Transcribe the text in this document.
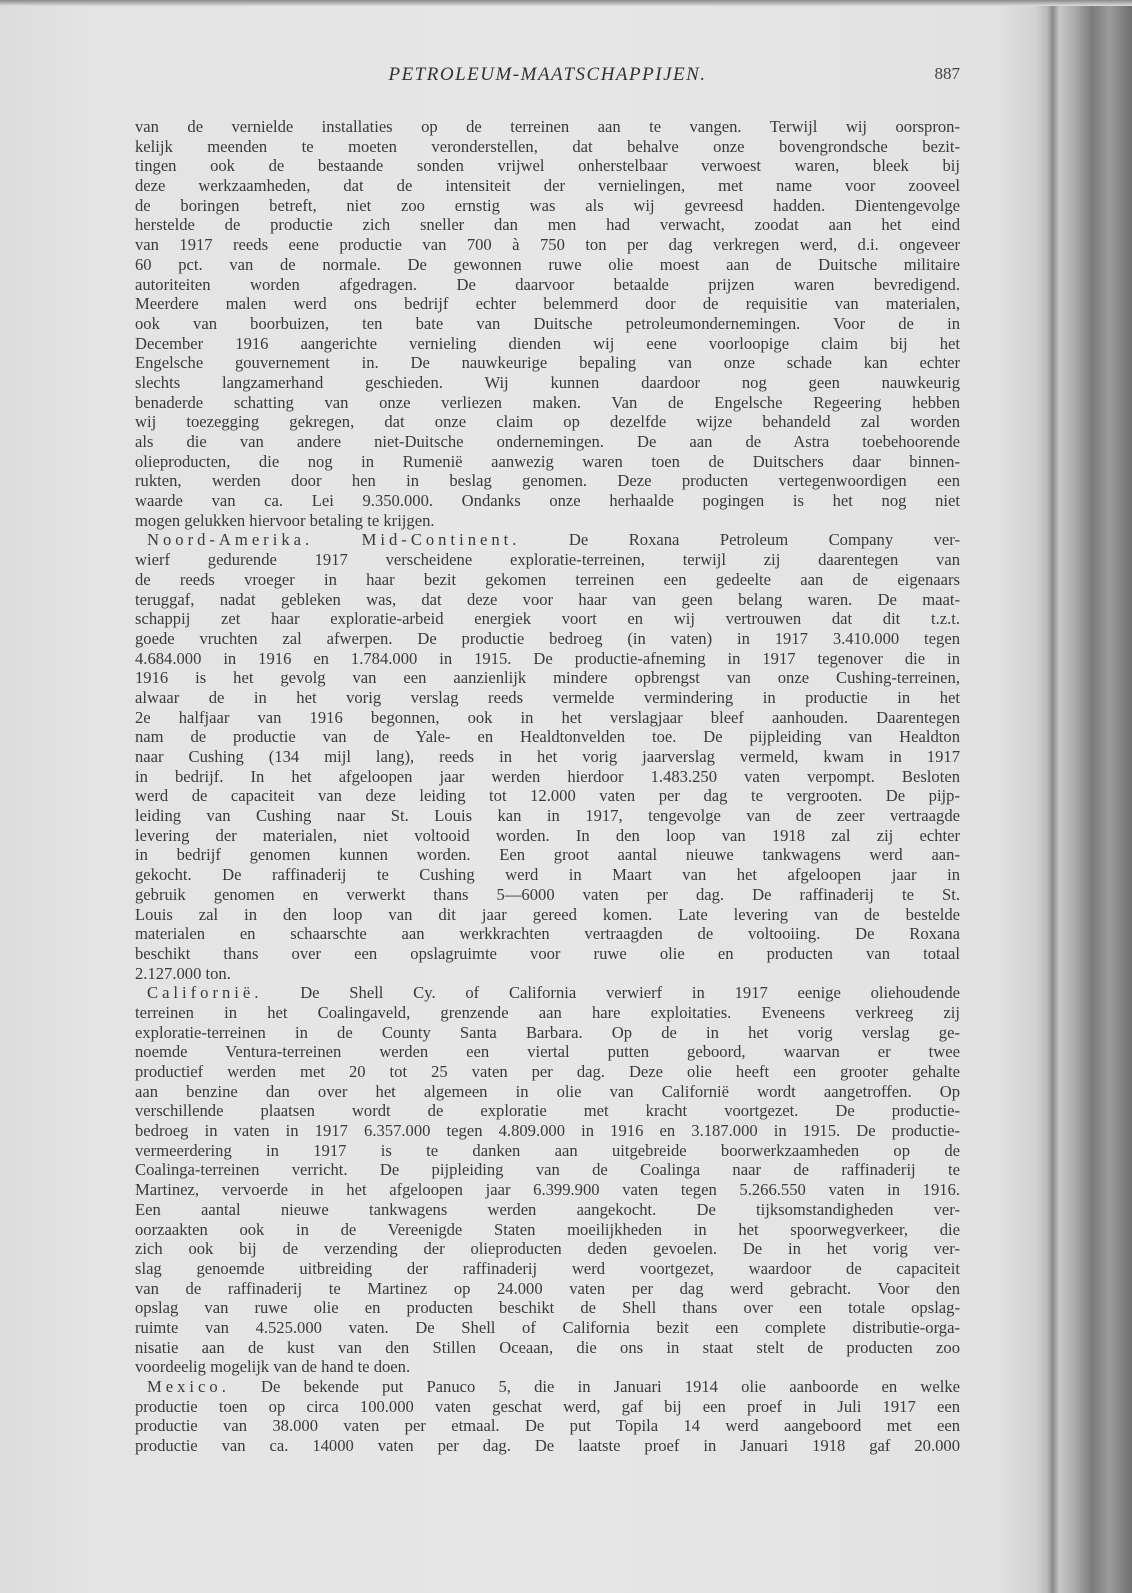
PETROLEUM-MAATSCHAPPIJEN.	887
van de vernielde installaties op de terreinen aan te vangen. Terwijl wij oorspron-
kelijk meenden te moeten veronderstellen, dat behalve onze bovengrondsche bezit-
tingen ook de bestaande sonden vrijwel onherstelbaar verwoest waren, bleek bij
deze werkzaamheden, dat de intensiteit der vernielingen, met name voor zooveel
de boringen betreft, niet zoo ernstig was als wij gevreesd hadden. Dientengevolge
herstelde de productie zich sneller dan men had verwacht, zoodat aan het eind
van 1917 reeds eene productie van 700 à 750 ton per dag verkregen werd, d.i. ongeveer
60 pct. van de normale. De gewonnen ruwe olie moest aan de Duitsche militaire
autoriteiten worden afgedragen. De daarvoor betaalde prijzen waren bevredigend.
Meerdere malen werd ons bedrijf echter belemmerd door de requisitie van materialen,
ook van boorbuizen, ten bate van Duitsche petroleumondernemingen. Voor de in
December 1916 aangerichte vernieling dienden wij eene voorloopige claim bij het
Engelsche gouvernement in. De nauwkeurige bepaling van onze schade kan echter
slechts langzamerhand geschieden. Wij kunnen daardoor nog geen nauwkeurig
benaderde schatting van onze verliezen maken. Van de Engelsche Regeering hebben
wij toezegging gekregen, dat onze claim op dezelfde wijze behandeld zal worden
als die van andere niet-Duitsche ondernemingen. De aan de Astra toebehoorende
olieproducten, die nog in Rumenië aanwezig waren toen de Duitschers daar binnen-
rukten, werden door hen in beslag genomen. Deze producten vertegenwoordigen een
waarde van ca. Lei 9.350.000. Ondanks onze herhaalde pogingen is het nog niet
mogen gelukken hiervoor betaling te krijgen.
Noord-Amerika.	Mid-Continent.	De Roxana Petroleum Company ver-
wierf gedurende 1917 verscheidene exploratie-terreinen, terwijl zij daarentegen van
de reeds vroeger in haar bezit gekomen terreinen een gedeelte aan de eigenaars
teruggaf, nadat gebleken was, dat deze voor haar van geen belang waren. De maat-
schappij zet haar exploratie-arbeid energiek voort en wij vertrouwen dat dit t.z.t.
goede vruchten zal afwerpen. De productie bedroeg (in vaten) in 1917 3.410.000 tegen
4.684.000 in 1916 en 1.784.000 in 1915. De productie-afneming in 1917 tegenover die in
1916 is het gevolg van een aanzienlijk mindere opbrengst van onze Cushing-terreinen,
alwaar de in het vorig verslag reeds vermelde vermindering in productie in het
2e halfjaar van 1916 begonnen, ook in het verslagjaar bleef aanhouden. Daarentegen
nam de productie van de Yale- en Healdtonvelden toe. De pijpleiding van Healdton
naar Cushing (134 mijl lang), reeds in het vorig jaarverslag vermeld, kwam in 1917
in bedrijf. In het afgeloopen jaar werden hierdoor 1.483.250 vaten verpompt. Besloten
werd de capaciteit van deze leiding tot 12.000 vaten per dag te vergrooten. De pijp-
leiding van Cushing naar St. Louis kan in 1917, tengevolge van de zeer vertraagde
levering der materialen, niet voltooid worden. In den loop van 1918 zal zij echter
in bedrijf genomen kunnen worden. Een groot aantal nieuwe tankwagens werd aan-
gekocht. De raffinaderij te Cushing werd in Maart van het afgeloopen jaar in
gebruik genomen en verwerkt thans 5—6000 vaten per dag. De raffinaderij te St.
Louis zal in den loop van dit jaar gereed komen. Late levering van de bestelde
materialen en schaarschte aan werkkrachten vertraagden de voltooiing. De Roxana
beschikt thans over een opslagruimte voor ruwe olie en producten van totaal
2.127.000 ton.
Californië. De Shell Cy. of California verwierf in 1917 eenige oliehoudende
terreinen in het Coalingaveld, grenzende aan hare exploitaties. Eveneens verkreeg zij
exploratie-terreinen in de County Santa Barbara. Op de in het vorig verslag ge-
noemde Ventura-terreinen werden een viertal putten geboord, waarvan er twee
productief werden met 20 tot 25 vaten per dag. Deze olie heeft een grooter gehalte
aan benzine dan over het algemeen in olie van Californië wordt aangetroffen. Op
verschillende plaatsen wordt de exploratie met kracht voortgezet. De productie-
bedroeg in vaten in 1917 6.357.000 tegen 4.809.000 in 1916 en 3.187.000 in 1915. De productie-
vermeerdering in 1917 is te danken aan uitgebreide boorwerkzaamheden op de
Coalinga-terreinen verricht. De pijpleiding van de Coalinga naar de raffinaderij te
Martinez, vervoerde in het afgeloopen jaar 6.399.900 vaten tegen 5.266.550 vaten in 1916.
Een aantal nieuwe tankwagens werden aangekocht. De tijksomstandigheden ver-
oorzaakten ook in de Vereenigde Staten moeilijkheden in het spoorwegverkeer, die
zich ook bij de verzending der olieproducten deden gevoelen. De in het vorig ver-
slag genoemde uitbreiding der raffinaderij werd voortgezet, waardoor de capaciteit
van de raffinaderij te Martinez op 24.000 vaten per dag werd gebracht. Voor den
opslag van ruwe olie en producten beschikt de Shell thans over een totale opslag-
ruimte van 4.525.000 vaten. De Shell of California bezit een complete distributie-orga-
nisatie aan de kust van den Stillen Oceaan, die ons in staat stelt de producten zoo
voordeelig mogelijk van de hand te doen.
Mexico. De bekende put Panuco 5, die in Januari 1914 olie aanboorde en welke
productie toen op circa 100.000 vaten geschat werd, gaf bij een proef in Juli 1917 een
productie van 38.000 vaten per etmaal. De put Topila 14 werd aangeboord met een
productie van ca. 14000 vaten per dag. De laatste proef in Januari 1918 gaf 20.000
